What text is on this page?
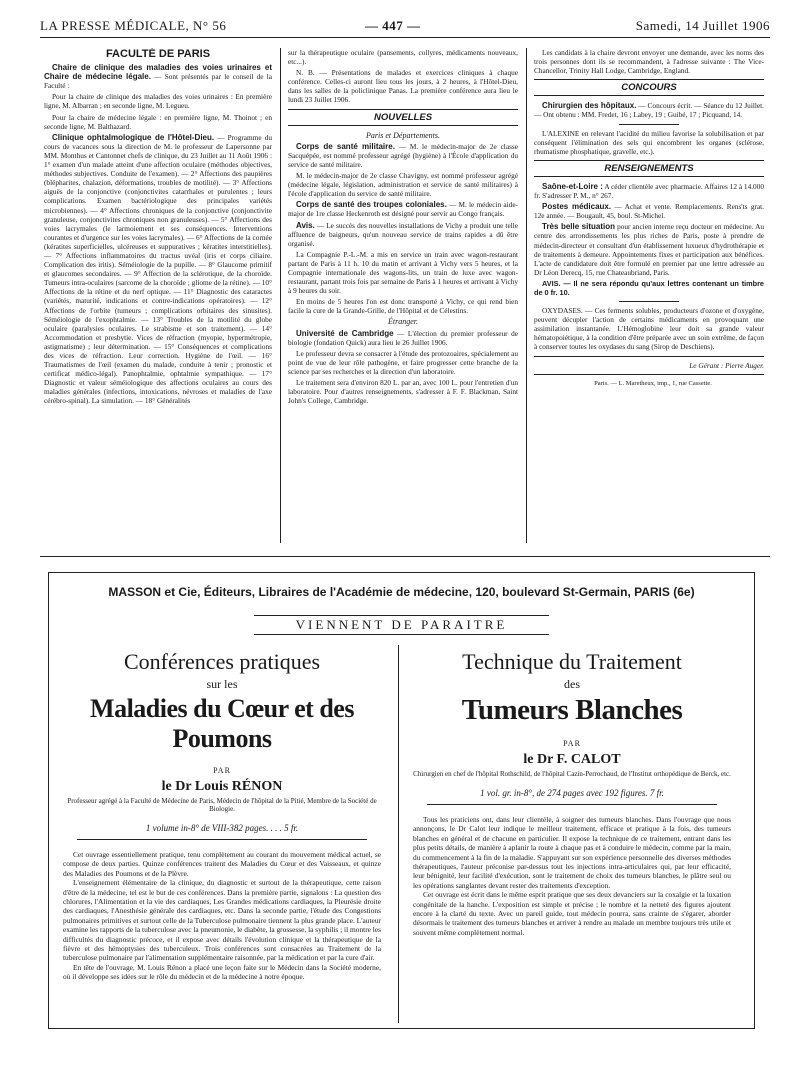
LA PRESSE MÉDICALE, N° 56	— 447 —	Samedi, 14 Juillet 1906
FACULTÉ DE PARIS

Chaire de clinique des maladies des voies urinaires et Chaire de médecine légale. — Sont présentés par le conseil de la Faculté :

Pour la chaire de clinique des maladies des voies urinaires : En première ligne, M. Albarran ; en seconde ligne, M. Legueu.

Pour la chaire de médecine légale : en première ligne, M. Thoinot ; en seconde ligne, M. Balthazard.

Clinique ophtalmologique de l'Hôtel-Dieu. — Programme du cours de vacances sous la direction de M. le professeur de Lapersonne par MM. Monthus et Cantonnet chefs de clinique, du 23 Juillet au 11 Août 1906 : 1° examen d'un malade atteint d'une affection oculaire (méthodes objectives, méthodes subjectives. Conduite de l'examen). — 2° Affections des paupières (blépharites, chalazion, déformations, troubles de motilité). — 3° Affections aiguës de la conjonctive (conjonctivites catarrhales et purulentes ; leurs complications. Examen bactériologique des principales variétés microbiennes). — 4° Affections chroniques de la conjonctive (conjonctivite granuleuse, conjonctivites chroniques non granuleuses). — 5° Affections des voies lacrymales (le larmoiement et ses conséquences. Interventions courantes et d'urgence sur les voies lacrymales). — 6° Affections de la cornée (kératites superficielles, ulcéreuses et suppuratives ; kératites interstitielles). — 7° Affections inflammatoires du tractus uvéal (iris et corps ciliaire. Complication des iritis). Séméiologie de la pupille. — 8° Glaucome primitif et glaucomes secondaires. — 9° Affection de la sclérotique, de la choroïde. Tumeurs intra-oculaires (sarcome de la choroïde ; gliome de la rétine). — 10° Affections de la rétine et du nerf optique. — 11° Diagnostic des cataractes (variétés, maturité, indications et contre-indications opératoires). — 12° Affections de l'orbite (tumeurs ; complications orbitaires des sinusites). Séméiologie de l'exophtalmie. — 13° Troubles de la motilité du globe oculaire (paralysies oculaires. Le strabisme et son traitement). — 14° Accommodation et presbytie. Vices de réfraction (myopie, hypermétropie, astigmatisme) ; leur détermination. — 15° Conséquences et complications des vices de réfraction. Leur correction. Hygiène de l'œil. — 16° Traumatismes de l'œil (examen du malade, conduite à tenir ; pronostic et certificat médico-légal). Panophtalmie, ophtalmie sympathique. — 17° Diagnostic et valeur séméiologique des affections oculaires au cours des maladies générales (infections, intoxications, névroses et maladies de l'axe cérébro-spinal). La simulation. — 18° Généralités

sur la thérapeutique oculaire (pansements, collyres, médicaments nouveaux, etc...).

N. B. — Présentations de malades et exercices cliniques à chaque conférence. Celles-ci auront lieu tous les jours, à 2 heures, à l'Hôtel-Dieu, dans les salles de la policlinique Panas. La première conférence aura lieu le lundi 23 Juillet 1906.

NOUVELLES

Paris et Départements.

Corps de santé militaire. — M. le médecin-major de 2e classe Sacquépée, est nommé professeur agrégé (hygiène) à l'École d'application du service de santé militaire.

M. le médecin-major de 2e classe Chavigny, est nommé professeur agrégé (médecine légale, législation, administration et service de santé militaires) à l'école d'application du service de santé militaire.

Corps de santé des troupes coloniales. — M. le médecin aide-major de 1re classe Heckenroth est désigné pour servir au Congo français.

Avis. — Le succès des nouvelles installations de Vichy a produit une telle affluence de baigneurs, qu'un nouveau service de trains rapides a dû être organisé.

La Compagnie P.-L.-M. a mis en service un train avec wagon-restaurant partant de Paris à 11 h. 10 du matin et arrivant à Vichy vers 5 heures, et la Compagnie internationale des wagons-lits, un train de luxe avec wagon-restaurant, partant trois fois par semaine de Paris à 1 heures et arrivant à Vichy à 9 heures du soir.

En moins de 5 heures l'on est donc transporté à Vichy, ce qui rend bien facile la cure de la Grande-Grille, de l'Hôpital et de Célestins.

Étranger.

Université de Cambridge — L'élection du premier professeur de biologie (fondation Quick) aura lieu le 26 Juillet 1906.

Le professeur devra se consacrer à l'étude des protozoaires, spécialement au point de vue de leur rôle pathogène, et faire progresser cette branche de la science par ses recherches et la direction d'un laboratoire.

Le traitement sera d'environ 820 L. par an, avec 100 L. pour l'entretien d'un laboratoire. Pour d'autres renseignements, s'adresser à F. F. Blackman, Saint John's College, Cambridge.

Les candidats à la chaire devront envoyer une demande, avec les noms des trois personnes dont ils se recommandent, à l'adresse suivante : The Vice-Chancellor, Trinity Hall Lodge, Cambridge, England.

CONCOURS

Chirurgien des hôpitaux. — Concours écrit. — Séance du 12 Juillet. — Ont obtenu : MM. Fredet, 16 ; Labey, 19 ; Guibé, 17 ; Picquand, 14.

L'ALEXINE en relevant l'acidité du milieu favorise la solubilisation et par conséquent l'élimination des sels qui encombrent les organes (sclérose, rhumatisme phosphatique, gravelle, etc.).

RENSEIGNEMENTS

Saône-et-Loire : A céder clientèle avec pharmacie. Affaires 12 à 14.000 fr. S'adresser P. M., n° 267.

Postes médicaux. — Achat et vente. Remplacements. Rens'ts grat. 12e année. — Bougault, 45, boul. St-Michel.

Très belle situation pour ancien interne reçu docteur en médecine. Au centre des arrondissements les plus riches de Paris, poste à prendre de médecin-directeur et consultant d'un établissement luxueux d'hydrothérapie et de traitements à demeure. Appointements fixes et participation aux bénéfices. L'acte de candidature doit être formulé en premier par une lettre adressée au Dr Léon Derecq, 15, rue Chateaubriand, Paris.

AVIS. — Il ne sera répondu qu'aux lettres contenant un timbre de 0 fr. 10.

OXYDASES. — Ces ferments solubles, producteurs d'ozone et d'oxygène, peuvent décupler l'action de certains médicaments en provoquant une assimilation instantanée. L'Hémoglobine leur doit sa grande valeur hématopoiétique, à la condition d'être préparée avec un soin extrême, de façon à conserver toutes les oxydases du sang (Sirop de Deschiens).

Le Gérant : Pierre Auger.

Paris. — L. Maretheux, imp., 1, rue Cassette.

MASSON et Cie, Éditeurs, Libraires de l'Académie de médecine, 120, boulevard St-Germain, PARIS (6e)
VIENNENT DE PARAITRE
Conférences pratiques
sur les
Maladies du Cœur et des Poumons
PAR
le Dr Louis RÉNON
Professeur agrégé à la Faculté de Médecine de Paris, Médecin de l'hôpital de la Pitié, Membre de la Société de Biologie.
1 volume in-8° de VIII-382 pages. . . . 5 fr.

Cet ouvrage essentiellement pratique, tenu complètement au courant du mouvement médical actuel, se compose de deux parties. Quinze conférences traitent des Maladies du Cœur et des Vaisseaux, et quinze des Maladies des Poumons et de la Plèvre.

L'enseignement élémentaire de la clinique, du diagnostic et surtout de la thérapeutique, cette raison d'être de la médecine, tel est le but de ces conférences. Dans la première partie, signalons : La question des chlorures, l'Alimentation et la vie des cardiaques, Les Grandes médications cardiaques, la Pleurésie droite des cardiaques, l'Anesthésie générale des cardiaques, etc. Dans la seconde partie, l'étude des Congestions pulmonaires primitives et surtout celle de la Tuberculose pulmonaire tiennent la plus grande place. L'auteur examine les rapports de la tuberculose avec la pneumonie, le diabète, la grossesse, la syphilis ; il montre les difficultés du diagnostic précoce, et il expose avec détails l'évolution clinique et la thérapeutique de la fièvre et des hémoptysies des tuberculeux. Trois conférences sont consacrées au Traitement de la tuberculose pulmonaire par l'alimentation supplémentaire raisonnée, par la médication et par la cure d'air.

En tête de l'ouvrage, M. Louis Rénon a placé une leçon faite sur le Médecin dans la Société moderne, où il développe ses idées sur le rôle du médecin et de la médecine à notre époque.

Technique du Traitement
des
Tumeurs Blanches
PAR
le Dr F. CALOT
Chirurgien en chef de l'hôpital Rothschild, de l'hôpital Cazin-Perrochaud, de l'Institut orthopédique de Berck, etc.
1 vol. gr. in-8°, de 274 pages avec 192 figures. 7 fr.

Tous les praticiens ont, dans leur clientèle, à soigner des tumeurs blanches. Dans l'ouvrage que nous annonçons, le Dr Calot leur indique le meilleur traitement, efficace et pratique à la fois, des tumeurs blanches en général et de chacune en particulier. Il expose la technique de ce traitement, entrant dans les plus petits détails, de manière à aplanir la route à chaque pas et à conduire le médecin, comme par la main, du commencement à la fin de la maladie. S'appuyant sur son expérience personnelle des diverses méthodes thérapeutiques, l'auteur préconise par-dessus tout les injections intra-articulaires qui, par leur efficacité, leur bénignité, leur facilité d'exécution, sont le traitement de choix des tumeurs blanches, le plâtre seul ou les opérations sanglantes devant rester des traitements d'exception.

Cet ouvrage est écrit dans le même esprit pratique que ses deux devanciers sur la coxalgie et la luxation congénitale de la hanche. L'exposition est simple et précise ; le nombre et la netteté des figures ajoutent encore à la clarté du texte. Avec un pareil guide, tout médecin pourra, sans crainte de s'égarer, aborder désormais le traitement des tumeurs blanches et arriver à rendre au malade un membre toujours très utile et souvent même complètement normal.
